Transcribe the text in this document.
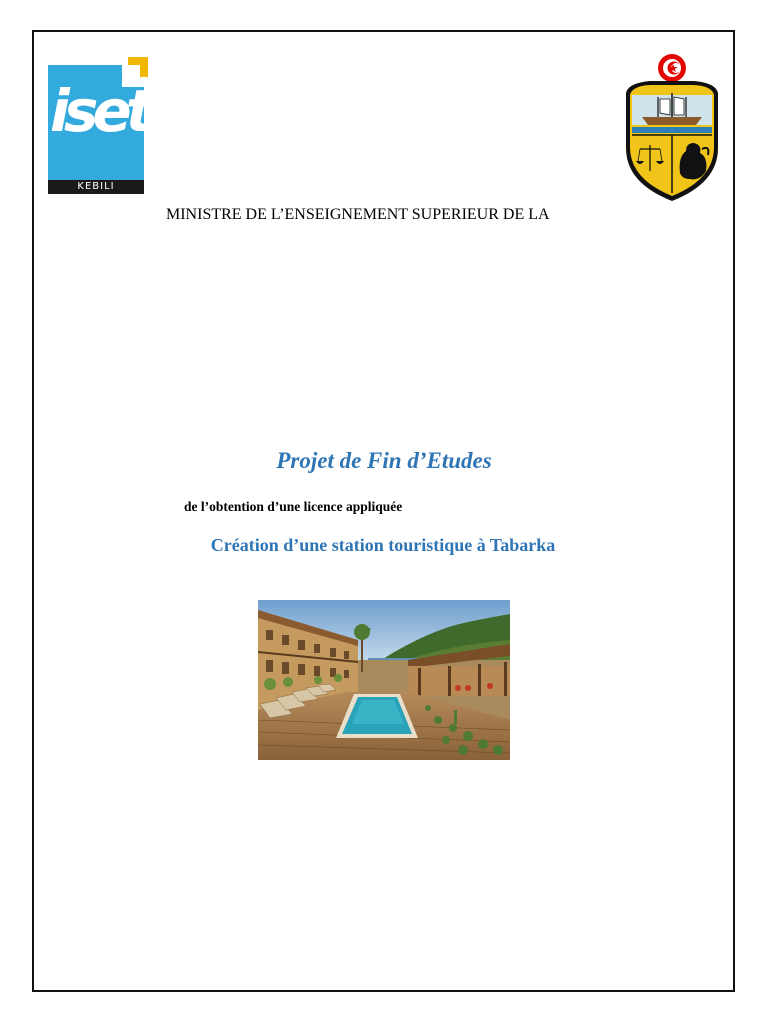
iset
KEBILI
MINISTRE DE L’ENSEIGNEMENT SUPERIEUR DE LA
Projet de Fin d’Etudes
de l’obtention d’une licence appliquée
Création d’une station touristique à Tabarka
